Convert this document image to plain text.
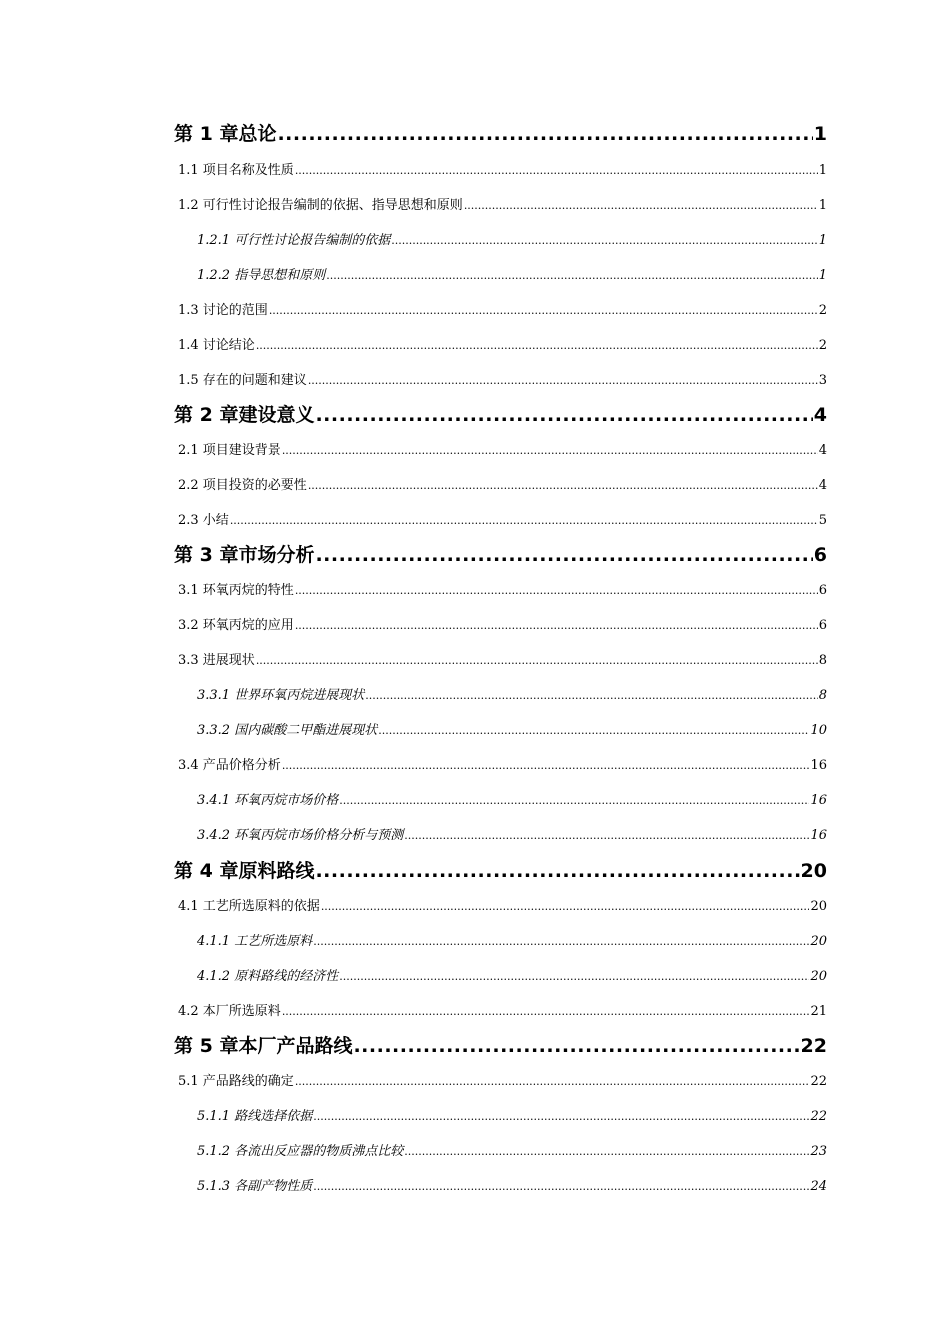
第 1 章总论 .....	1
1.1 项目名称及性质 .....	1
1.2 可行性讨论报告编制的依据、指导思想和原则 .....	1
1.2.1 可行性讨论报告编制的依据 .....	1
1.2.2 指导思想和原则 .....	1
1.3 讨论的范围 .....	2
1.4 讨论结论 .....	2
1.5 存在的问题和建议 .....	3
第 2 章建设意义 .....	4
2.1 项目建设背景 .....	4
2.2 项目投资的必要性 .....	4
2.3 小结 .....	5
第 3 章市场分析 .....	6
3.1 环氧丙烷的特性 .....	6
3.2 环氧丙烷的应用 .....	6
3.3 进展现状 .....	8
3.3.1 世界环氧丙烷进展现状 .....	8
3.3.2 国内碳酸二甲酯进展现状 .....	10
3.4 产品价格分析 .....	16
3.4.1 环氧丙烷市场价格 .....	16
3.4.2 环氧丙烷市场价格分析与预测 .....	16
第 4 章原料路线 .....	20
4.1 工艺所选原料的依据 .....	20
4.1.1 工艺所选原料 .....	20
4.1.2 原料路线的经济性 .....	20
4.2 本厂所选原料 .....	21
第 5 章本厂产品路线 .....	22
5.1 产品路线的确定 .....	22
5.1.1 路线选择依据 .....	22
5.1.2 各流出反应器的物质沸点比较 .....	23
5.1.3 各副产物性质 .....	24
